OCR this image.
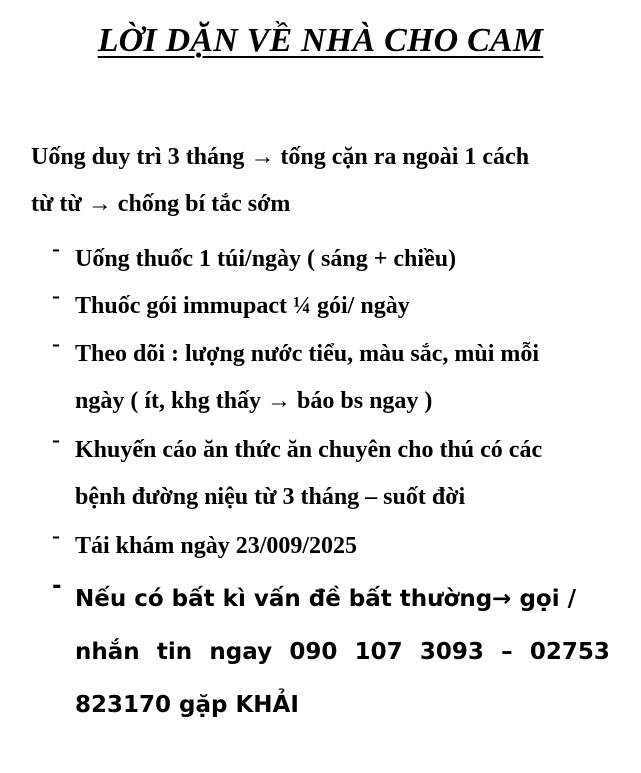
LỜI DẶN VỀ NHÀ CHO CAM
Uống duy trì 3 tháng → tống cặn ra ngoài 1 cách
từ từ → chống bí tắc sớm
- Uống thuốc 1 túi/ngày ( sáng + chiều)
- Thuốc gói immupact ¼ gói/ ngày
- Theo dõi : lượng nước tiểu, màu sắc, mùi mỗi
ngày ( ít, khg thấy → báo bs ngay )
- Khuyến cáo ăn thức ăn chuyên cho thú có các
bệnh đường niệu từ 3 tháng – suốt đời
- Tái khám ngày 23/009/2025
- Nếu có bất kì vấn đề bất thường→ gọi /
nhắn tin ngay 090 107 3093 – 02753
823170 gặp KHẢI
